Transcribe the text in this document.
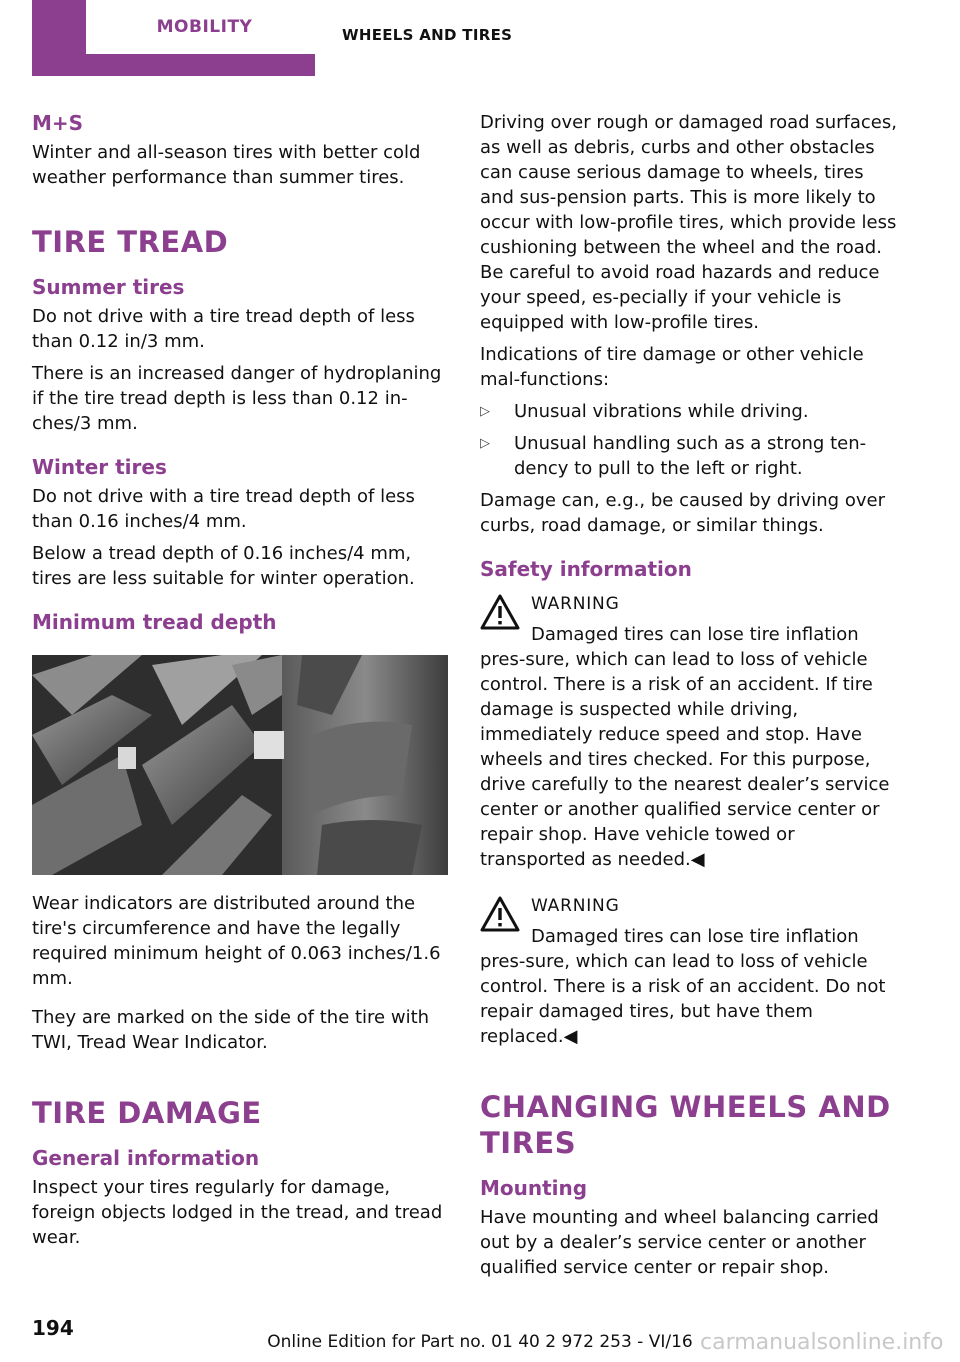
MOBILITY	WHEELS AND TIRES
M+S

Winter and all-season tires with better cold weather performance than summer tires.

TIRE TREAD
Summer tires

Do not drive with a tire tread depth of less than 0.12 in/3 mm.

There is an increased danger of hydroplaning if the tire tread depth is less than 0.12 in-ches/3 mm.

Winter tires

Do not drive with a tire tread depth of less than 0.16 inches/4 mm.

Below a tread depth of 0.16 inches/4 mm, tires are less suitable for winter operation.

Minimum tread depth

Wear indicators are distributed around the tire's circumference and have the legally required minimum height of 0.063 inches/1.6 mm.

They are marked on the side of the tire with TWI, Tread Wear Indicator.

TIRE DAMAGE
General information

Inspect your tires regularly for damage, foreign objects lodged in the tread, and tread wear.

Driving over rough or damaged road surfaces, as well as debris, curbs and other obstacles can cause serious damage to wheels, tires and sus-pension parts. This is more likely to occur with low-profile tires, which provide less cushioning between the wheel and the road. Be careful to avoid road hazards and reduce your speed, es-pecially if your vehicle is equipped with low-profile tires.

Indications of tire damage or other vehicle mal-functions:

▷ Unusual vibrations while driving.
▷ Unusual handling such as a strong ten-dency to pull to the left or right.

Damage can, e.g., be caused by driving over curbs, road damage, or similar things.

Safety information
WARNING

Damaged tires can lose tire inflation pres-sure, which can lead to loss of vehicle control. There is a risk of an accident. If tire damage is suspected while driving, immediately reduce speed and stop. Have wheels and tires checked. For this purpose, drive carefully to the nearest dealer’s service center or another qualified service center or repair shop. Have vehicle towed or transported as needed.◀

WARNING

Damaged tires can lose tire inflation pres-sure, which can lead to loss of vehicle control. There is a risk of an accident. Do not repair damaged tires, but have them replaced.◀

CHANGING WHEELS AND TIRES
Mounting

Have mounting and wheel balancing carried out by a dealer’s service center or another qualified service center or repair shop.

194
Online Edition for Part no. 01 40 2 972 253 - VI/16 carmanualsonline.info
